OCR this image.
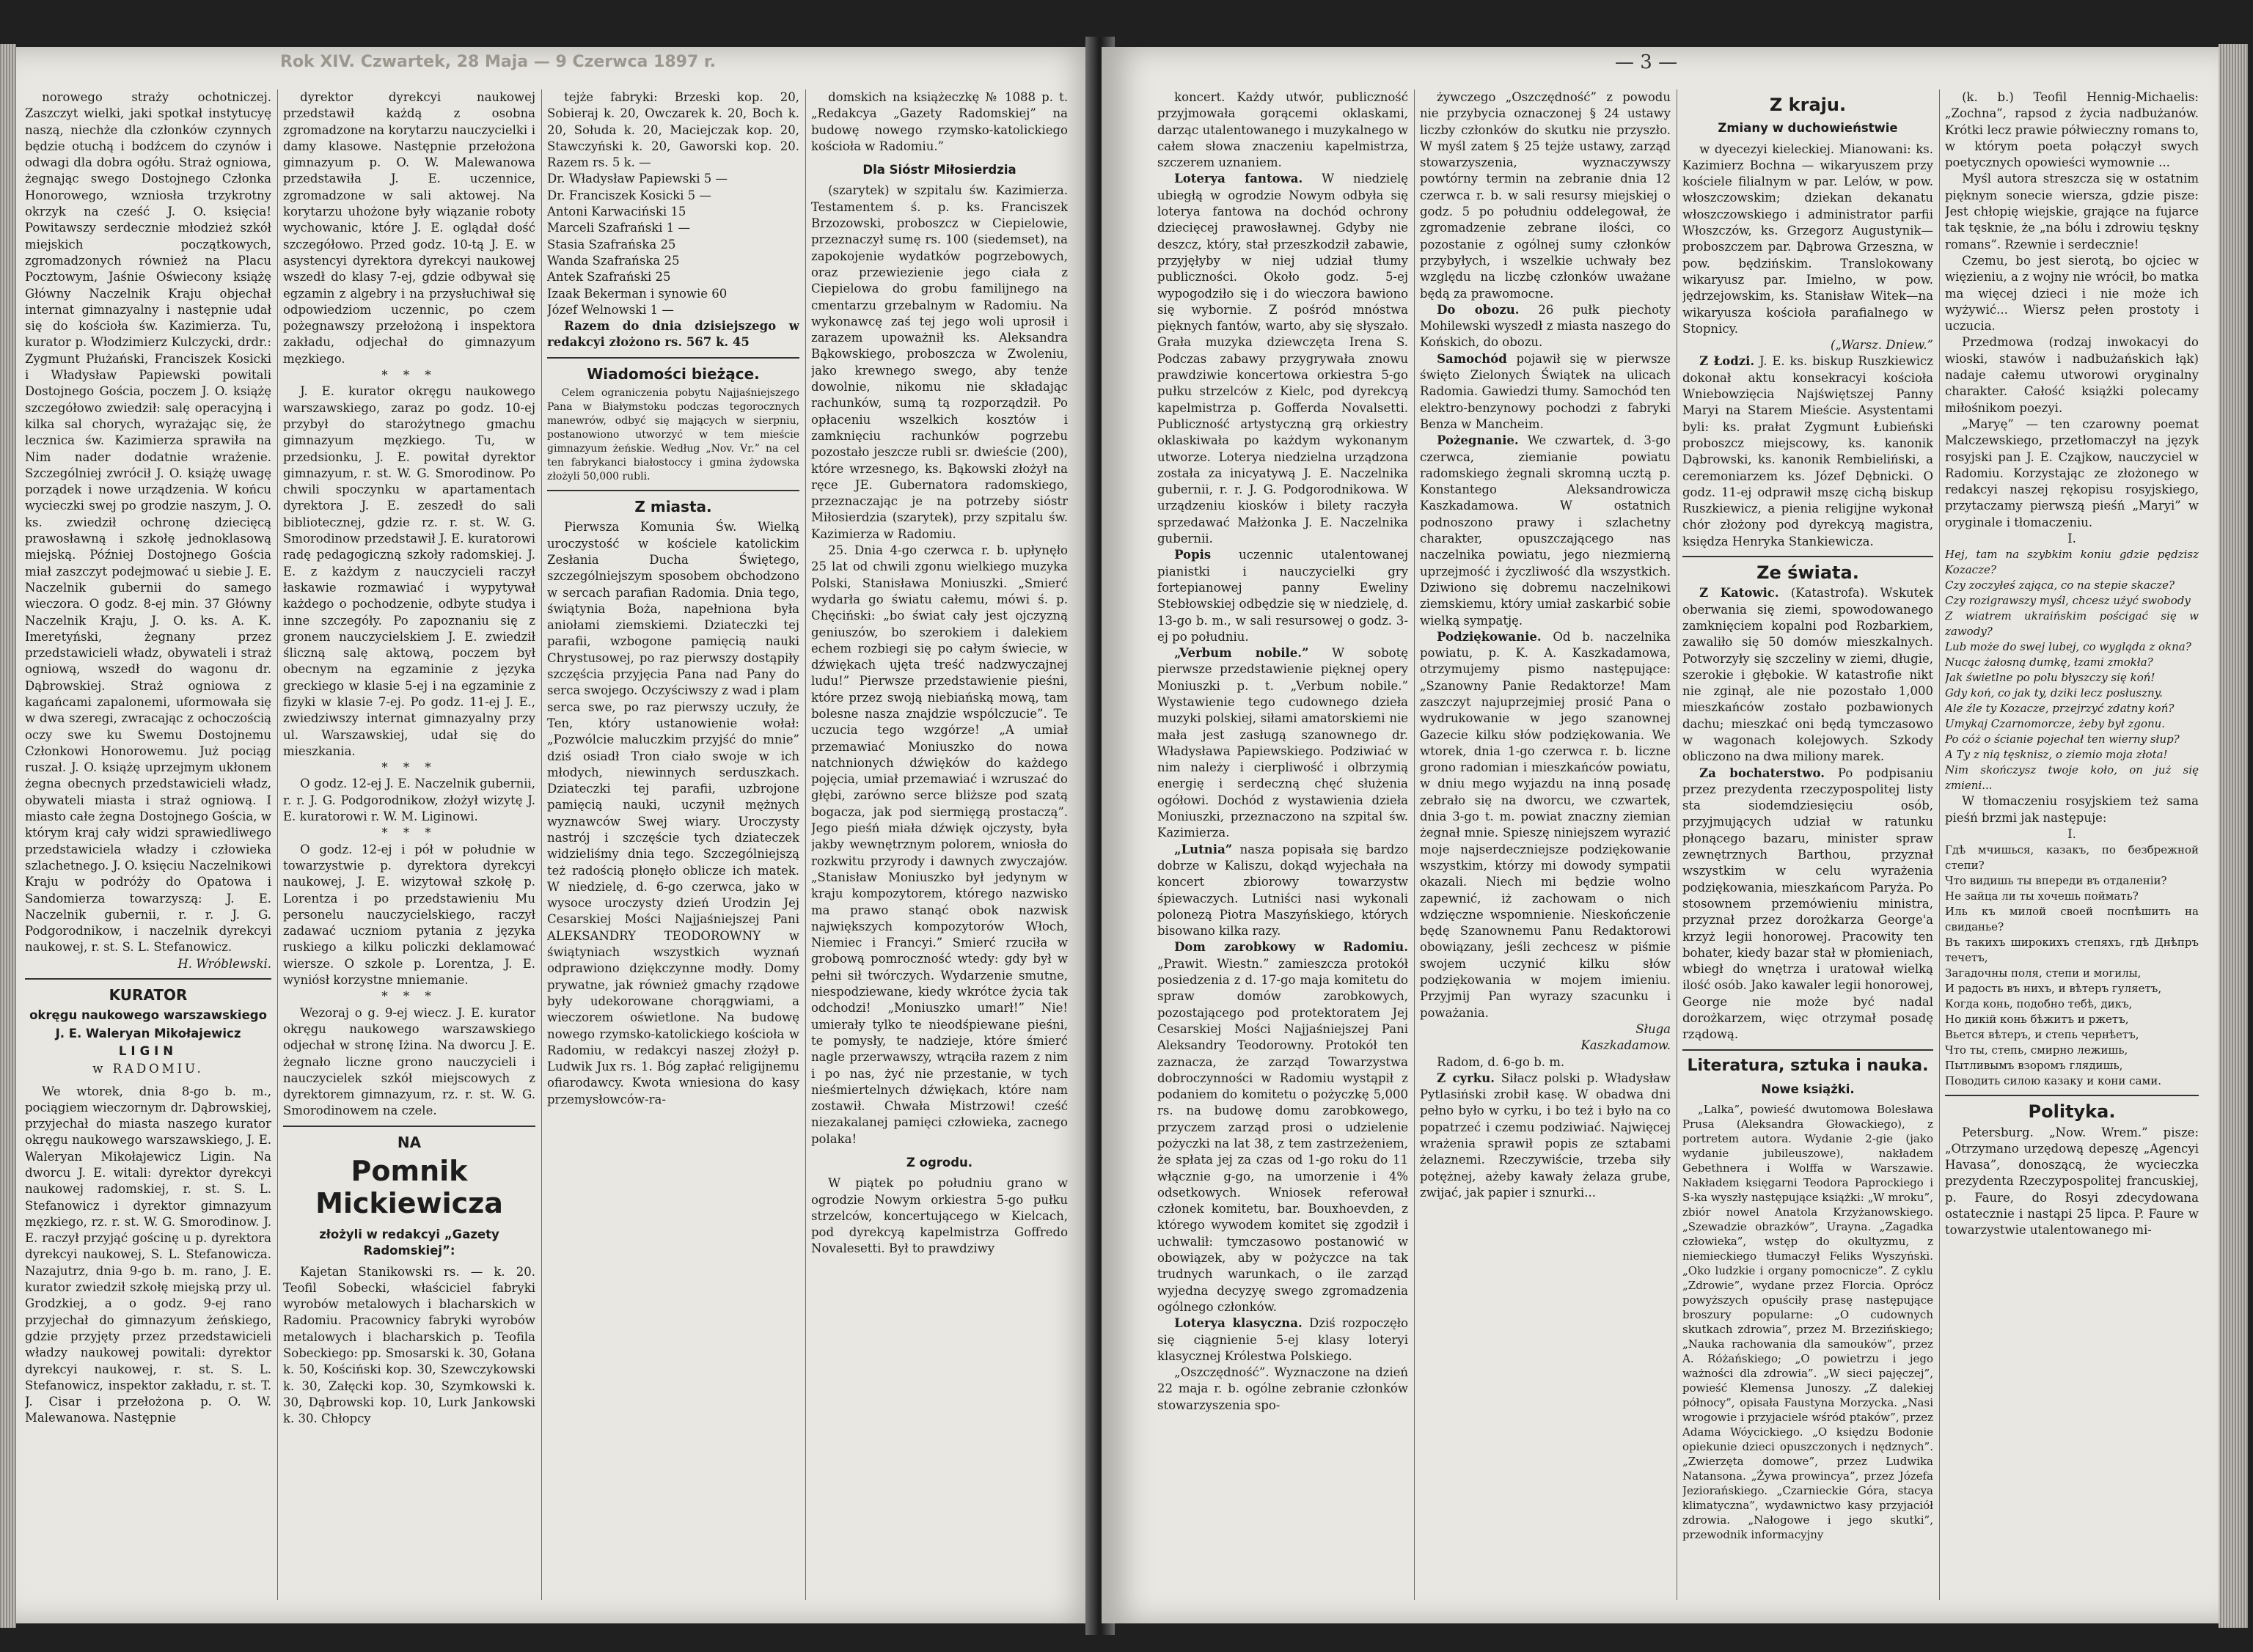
Rok XIV. Czwartek, 28 Maja — 9 Czerwca 1897 r.

norowego straży ochotniczej. Zaszczyt wielki, jaki spotkał instytucyę naszą, niechże dla członków czynnych będzie otuchą i bodźcem do czynów i odwagi dla dobra ogółu. Straż ogniowa, żegnając swego Dostojnego Członka Honorowego, wzniosła trzykrotny okrzyk na cześć J. O. księcia! Powitawszy serdecznie młodzież szkół miejskich początkowych, zgromadzonych również na Placu Pocztowym, Jaśnie Oświecony książę Główny Naczelnik Kraju objechał internat gimnazyalny i następnie udał się do kościoła św. Kazimierza. Tu, kurator p. Włodzimierz Kulczycki, drdr.: Zygmunt Płużański, Franciszek Kosicki i Władysław Papiewski powitali Dostojnego Gościa, poczem J. O. książę szczegółowo zwiedził: salę operacyjną i kilka sal chorych, wyrażając się, że lecznica św. Kazimierza sprawiła na Nim nader dodatnie wrażenie. Szczególniej zwrócił J. O. książę uwagę porządek i nowe urządzenia. W końcu wycieczki swej po grodzie naszym, J. O. ks. zwiedził ochronę dziecięcą prawosławną i szkołę jednoklasową miejską. Później Dostojnego Gościa miał zaszczyt podejmować u siebie J. E. Naczelnik gubernii do samego wieczora. O godz. 8-ej min. 37 Główny Naczelnik Kraju, J. O. ks. A. K. Imeretyński, żegnany przez przedstawicieli władz, obywateli i straż ogniową, wszedł do wagonu dr. Dąbrowskiej. Straż ogniowa z kagańcami zapalonemi, uformowała się w dwa szeregi, zwracając z ochoczością oczy swe ku Swemu Dostojnemu Członkowi Honorowemu. Już pociąg ruszał. J. O. książę uprzejmym ukłonem żegna obecnych przedstawicieli władz, obywateli miasta i straż ogniową. I miasto całe żegna Dostojnego Gościa, w którym kraj cały widzi sprawiedliwego przedstawiciela władzy i człowieka szlachetnego. J. O. księciu Naczelnikowi Kraju w podróży do Opatowa i Sandomierza towarzyszą: J. E. Naczelnik gubernii, r. r. J. G. Podgorodnikow, i naczelnik dyrekcyi naukowej, r. st. S. L. Stefanowicz.

H. Wróblewski.

KURATOR
okręgu naukowego warszawskiego
J. E. Waleryan Mikołajewicz
LIGIN
w RADOMIU.

We wtorek, dnia 8-go b. m., pociągiem wieczornym dr. Dąbrowskiej, przyjechał do miasta naszego kurator okręgu naukowego warszawskiego, J. E. Waleryan Mikołajewicz Ligin. Na dworcu J. E. witali: dyrektor dyrekcyi naukowej radomskiej, r. st. S. L. Stefanowicz i dyrektor gimnazyum męzkiego, rz. r. st. W. G. Smorodinow. J. E. raczył przyjąć gościnę u p. dyrektora dyrekcyi naukowej, S. L. Stefanowicza. Nazajutrz, dnia 9-go b. m. rano, J. E. kurator zwiedził szkołę miejską przy ul. Grodzkiej, a o godz. 9-ej rano przyjechał do gimnazyum żeńskiego, gdzie przyjęty przez przedstawicieli władzy naukowej powitali: dyrektor dyrekcyi naukowej, r. st. S. L. Stefanowicz, inspektor zakładu, r. st. T. J. Cisar i przełożona p. O. W. Malewanowa. Następnie

dyrektor dyrekcyi naukowej przedstawił każdą z osobna zgromadzone na korytarzu nauczycielki i damy klasowe. Następnie przełożona gimnazyum p. O. W. Malewanowa przedstawiła J. E. uczennice, zgromadzone w sali aktowej. Na korytarzu uhożone były wiązanie roboty wychowanic, które J. E. oglądał dość szczegółowo. Przed godz. 10-tą J. E. w asystencyi dyrektora dyrekcyi naukowej wszedł do klasy 7-ej, gdzie odbywał się egzamin z algebry i na przysłuchiwał się odpowiedziom uczennic, po czem pożegnawszy przełożoną i inspektora zakładu, odjechał do gimnazyum męzkiego.

* * *

J. E. kurator okręgu naukowego warszawskiego, zaraz po godz. 10-ej przybył do starożytnego gmachu gimnazyum męzkiego. Tu, w przedsionku, J. E. powitał dyrektor gimnazyum, r. st. W. G. Smorodinow. Po chwili spoczynku w apartamentach dyrektora J. E. zeszedł do sali bibliotecznej, gdzie rz. r. st. W. G. Smorodinow przedstawił J. E. kuratorowi radę pedagogiczną szkoły radomskiej. J. E. z każdym z nauczycieli raczył łaskawie rozmawiać i wypytywał każdego o pochodzenie, odbyte studya i inne szczegóły. Po zapoznaniu się z gronem nauczycielskiem J. E. zwiedził śliczną salę aktową, poczem był obecnym na egzaminie z języka greckiego w klasie 5-ej i na egzaminie z fizyki w klasie 7-ej. Po godz. 11-ej J. E., zwiedziwszy internat gimnazyalny przy ul. Warszawskiej, udał się do mieszkania.

* * *

O godz. 12-ej J. E. Naczelnik gubernii, r. r. J. G. Podgorodnikow, złożył wizytę J. E. kuratorowi r. W. M. Liginowi.

* * *

O godz. 12-ej i pół w południe w towarzystwie p. dyrektora dyrekcyi naukowej, J. E. wizytował szkołę p. Lorentza i po przedstawieniu Mu personelu nauczycielskiego, raczył zadawać uczniom pytania z języka ruskiego a kilku policzki deklamować wiersze. O szkole p. Lorentza, J. E. wyniósł korzystne mniemanie.

* * *

Wezoraj o g. 9-ej wiecz. J. E. kurator okręgu naukowego warszawskiego odjechał w stronę Iżina. Na dworcu J. E. żegnało liczne grono nauczycieli i nauczycielek szkół miejscowych z dyrektorem gimnazyum, rz. r. st. W. G. Smorodinowem na czele.

NA
Pomnik Mickiewicza
złożyli w redakcyi „Gazety Radomskiej”:

Kajetan Stanikowski rs. — k. 20. Teofil Sobecki, właściciel fabryki wyrobów metalowych i blacharskich w Radomiu. Pracownicy fabryki wyrobów metalowych i blacharskich p. Teofila Sobeckiego: pp. Smosarski k. 30, Gołana k. 50, Kościński kop. 30, Szewczykowski k. 30, Załęcki kop. 30, Szymkowski k. 30, Dąbrowski kop. 10, Lurk Jankowski k. 30. Chłopcy

tejże fabryki: Brzeski kop. 20, Sobieraj k. 20, Owczarek k. 20, Boch k. 20, Sołuda k. 20, Maciejczak kop. 20, Stawczyński k. 20, Gaworski kop. 20. Razem rs. 5 k. —

Dr. Władysław Papiewski 5 —
Dr. Franciszek Kosicki 5 —
Antoni Karwaciński 15
Marceli Szafrański 1 —
Stasia Szafrańska 25
Wanda Szafrańska 25
Antek Szafrański 25
Izaak Bekerman i synowie 60
Józef Welnowski 1 —

Razem do dnia dzisiejszego w redakcyi złożono rs. 567 k. 45

Wiadomości bieżące.

Celem ograniczenia pobytu Najjaśniejszego Pana w Białymstoku podczas tegorocznych manewrów, odbyć się mających w sierpniu, postanowiono utworzyć w tem mieście gimnazyum żeńskie. Według „Nov. Vr.” na cel ten fabrykanci białostoccy i gmina żydowska złożyli 50,000 rubli.

Z miasta.

Pierwsza Komunia Św. Wielką uroczystość w kościele katolickim Zesłania Ducha Świętego, szczególniejszym sposobem obchodzono w sercach parafian Radomia. Dnia tego, świątynia Boża, napełniona była aniołami ziemskiemi. Dziateczki tej parafii, wzbogone pamięcią nauki Chrystusowej, po raz pierwszy dostąpiły szczęścia przyjęcia Pana nad Pany do serca swojego. Oczyściwszy z wad i plam serca swe, po raz pierwszy uczuły, że Ten, który ustanowienie wołał: „Pozwólcie maluczkim przyjść do mnie” dziś osiadł Tron ciało swoje w ich młodych, niewinnych serduszkach. Dziateczki tej parafii, uzbrojone pamięcią nauki, uczynił mężnych wyznawców Swej wiary. Uroczysty nastrój i szczęście tych dziateczek widzieliśmy dnia tego. Szczególniejszą też radością płonęło oblicze ich matek. W niedzielę, d. 6-go czerwca, jako w wysoce uroczysty dzień Urodzin Jej Cesarskiej Mości Najjaśniejszej Pani ALEKSANDRY TEODOROWNY w świątyniach wszystkich wyznań odprawiono dziękczynne modły. Domy prywatne, jak również gmachy rządowe były udekorowane chorągwiami, a wieczorem oświetlone. Na budowę nowego rzymsko-katolickiego kościoła w Radomiu, w redakcyi naszej złożył p. Ludwik Jux rs. 1. Bóg zapłać religijnemu ofiarodawcy. Kwota wniesiona do kasy przemysłowców-ra-

domskich na książeczkę № 1088 p. t. „Redakcya „Gazety Radomskiej” na budowę nowego rzymsko-katolickiego kościoła w Radomiu.”

Dla Sióstr Miłosierdzia

(szarytek) w szpitalu św. Kazimierza. Testamentem ś. p. ks. Franciszek Brzozowski, proboszcz w Ciepielowie, przeznaczył sumę rs. 100 (siedemset), na zapokojenie wydatków pogrzebowych, oraz przewiezienie jego ciała z Ciepielowa do grobu familijnego na cmentarzu grzebalnym w Radomiu. Na wykonawcę zaś tej jego woli uprosił i zarazem upoważnił ks. Aleksandra Bąkowskiego, proboszcza w Zwoleniu, jako krewnego swego, aby tenże dowolnie, nikomu nie składając rachunków, sumą tą rozporządził. Po opłaceniu wszelkich kosztów i zamknięciu rachunków pogrzebu pozostało jeszcze rubli sr. dwieście (200), które wrzesnego, ks. Bąkowski złożył na ręce JE. Gubernatora radomskiego, przeznaczając je na potrzeby sióstr Miłosierdzia (szarytek), przy szpitalu św. Kazimierza w Radomiu.

25. Dnia 4-go czerwca r. b. upłynęło 25 lat od chwili zgonu wielkiego muzyka Polski, Stanisława Moniuszki. „Smierć wydarła go światu całemu, mówi ś. p. Chęciński: „bo świat cały jest ojczyzną geniuszów, bo szerokiem i dalekiem echem rozbiegi się po całym świecie, w dźwiękach ujęta treść nadzwyczajnej ludu!” Pierwsze przedstawienie pieśni, które przez swoją niebiańską mową, tam bolesne nasza znajdzie wspólczucie”. Te uczucia tego wzgórze! „A umiał przemawiać Moniuszko do nowa natchnionych dźwięków do każdego pojęcia, umiał przemawiać i wzruszać do głębi, zarówno serce bliższe pod szatą bogacza, jak pod siermięgą prostaczą”. Jego pieśń miała dźwięk ojczysty, była jakby wewnętrznym polorem, wniosła do rozkwitu przyrody i dawnych zwyczajów. „Stanisław Moniuszko był jedynym w kraju kompozytorem, którego nazwisko ma prawo stanąć obok nazwisk największych kompozytorów Włoch, Niemiec i Francyi.” Smierć rzuciła w grobową pomroczność wtedy: gdy był w pełni sił twórczych. Wydarzenie smutne, niespodziewane, kiedy wkrótce życia tak odchodzi! „Moniuszko umarł!” Nie! umierały tylko te nieodśpiewane pieśni, te pomysły, te nadzieje, które śmierć nagle przerwawszy, wtrąciła razem z nim i po nas, żyć nie przestanie, w tych nieśmiertelnych dźwiękach, które nam zostawił. Chwała Mistrzowi! cześć niezakalanej pamięci człowieka, zacnego polaka!

Z ogrodu.

W piątek po południu grano w ogrodzie Nowym orkiestra 5-go pułku strzelców, koncertującego w Kielcach, pod dyrekcyą kapelmistrza Goffredo Novalesetti. Był to prawdziwy

— 3 —

koncert. Każdy utwór, publiczność przyjmowała gorącemi oklaskami, darząc utalentowanego i muzykalnego w całem słowa znaczeniu kapelmistrza, szczerem uznaniem.

Loterya fantowa. W niedzielę ubiegłą w ogrodzie Nowym odbyła się loterya fantowa na dochód ochrony dziecięcej prawosławnej. Gdyby nie deszcz, który, stał przeszkodził zabawie, przyjęłyby w niej udział tłumy publiczności. Około godz. 5-ej wypogodziło się i do wieczora bawiono się wybornie. Z pośród mnóstwa pięknych fantów, warto, aby się słyszało. Grała muzyka dziewczęta Irena S. Podczas zabawy przygrywała znowu prawdziwie koncertowa orkiestra 5-go pułku strzelców z Kielc, pod dyrekcyą kapelmistrza p. Gofferda Novalsetti. Publiczność artystyczną grą orkiestry oklaskiwała po każdym wykonanym utworze. Loterya niedzielna urządzona została za inicyatywą J. E. Naczelnika gubernii, r. r. J. G. Podgorodnikowa. W urządzeniu kiosków i bilety raczyła sprzedawać Małżonka J. E. Naczelnika gubernii.

Popis uczennic utalentowanej pianistki i nauczycielki gry fortepianowej panny Eweliny Stebłowskiej odbędzie się w niedzielę, d. 13-go b. m., w sali resursowej o godz. 3-ej po południu.

„Verbum nobile.” W sobotę pierwsze przedstawienie pięknej opery Moniuszki p. t. „Verbum nobile.” Wystawienie tego cudownego dzieła muzyki polskiej, siłami amatorskiemi nie mała jest zasługą szanownego dr. Władysława Papiewskiego. Podziwiać w nim należy i cierpliwość i olbrzymią energię i serdeczną chęć służenia ogółowi. Dochód z wystawienia dzieła Moniuszki, przeznaczono na szpital św. Kazimierza.

„Lutnia” nasza popisała się bardzo dobrze w Kaliszu, dokąd wyjechała na koncert zbiorowy towarzystw śpiewaczych. Lutniści nasi wykonali polonezą Piotra Maszyńskiego, których bisowano kilka razy.

Dom zarobkowy w Radomiu. „Prawit. Wiestn.” zamieszcza protokół posiedzenia z d. 17-go maja komitetu do spraw domów zarobkowych, pozostającego pod protektoratem Jej Cesarskiej Mości Najjaśniejszej Pani Aleksandry Teodorowny. Protokół ten zaznacza, że zarząd Towarzystwa dobroczynności w Radomiu wystąpił z podaniem do komitetu o pożyczkę 5,000 rs. na budowę domu zarobkowego, przyczem zarząd prosi o udzielenie pożyczki na lat 38, z tem zastrzeżeniem, że spłata jej za czas od 1-go roku do 11 włącznie g-go, na umorzenie i 4% odsetkowych. Wniosek referował członek komitetu, bar. Bouxhoevden, z którego wywodem komitet się zgodził i uchwalił: tymczasowo postanowić w obowiązek, aby w pożyczce na tak trudnych warunkach, o ile zarząd wyjedna decyzyę swego zgromadzenia ogólnego członków.

Loterya klasyczna. Dziś rozpoczęło się ciągnienie 5-ej klasy loteryi klasycznej Królestwa Polskiego.

„Oszczędność”. Wyznaczone na dzień 22 maja r. b. ogólne zebranie członków stowarzyszenia spo-

żywczego „Oszczędność” z powodu nie przybycia oznaczonej § 24 ustawy liczby członków do skutku nie przyszło. W myśl zatem § 25 tejże ustawy, zarząd stowarzyszenia, wyznaczywszy powtórny termin na zebranie dnia 12 czerwca r. b. w sali resursy miejskiej o godz. 5 po południu oddelegował, że zgromadzenie zebrane ilości, co pozostanie z ogólnej sumy członków przybyłych, i wszelkie uchwały bez względu na liczbę członków uważane będą za prawomocne.

Do obozu. 26 pułk piechoty Mohilewski wyszedł z miasta naszego do Końskich, do obozu.

Samochód pojawił się w pierwsze święto Zielonych Świątek na ulicach Radomia. Gawiedzi tłumy. Samochód ten elektro-benzynowy pochodzi z fabryki Benza w Mancheim.

Pożegnanie. We czwartek, d. 3-go czerwca, ziemianie powiatu radomskiego żegnali skromną ucztą p. Konstantego Aleksandrowicza Kaszkadamowa. W ostatnich podnoszono prawy i szlachetny charakter, opuszczającego nas naczelnika powiatu, jego niezmierną uprzejmość i życzliwość dla wszystkich. Dziwiono się dobremu naczelnikowi ziemskiemu, który umiał zaskarbić sobie wielką sympatję.

Podziękowanie. Od b. naczelnika powiatu, p. K. A. Kaszkadamowa, otrzymujemy pismo następujące: „Szanowny Panie Redaktorze! Mam zaszczyt najuprzejmiej prosić Pana o wydrukowanie w jego szanownej Gazecie kilku słów podziękowania. We wtorek, dnia 1-go czerwca r. b. liczne grono radomian i mieszkańców powiatu, w dniu mego wyjazdu na inną posadę zebrało się na dworcu, we czwartek, dnia 3-go t. m. powiat znaczny ziemian żegnał mnie. Spieszę niniejszem wyrazić moje najserdeczniejsze podziękowanie wszystkim, którzy mi dowody sympatii okazali. Niech mi będzie wolno zapewnić, iż zachowam o nich wdzięczne wspomnienie. Nieskończenie będę Szanownemu Panu Redaktorowi obowiązany, jeśli zechcesz w piśmie swojem uczynić kilku słów podziękowania w mojem imieniu. Przyjmij Pan wyrazy szacunku i poważania.

Sługa

Kaszkadamow.

Radom, d. 6-go b. m.

Z cyrku. Siłacz polski p. Władysław Pytlasiński zrobił kasę. W obadwa dni pełno było w cyrku, i bo też i było na co popatrzeć i czemu podziwiać. Najwięcej wrażenia sprawił popis ze sztabami żelaznemi. Rzeczywiście, trzeba siły potężnej, ażeby kawały żelaza grube, zwijać, jak papier i sznurki...

Z kraju.
Zmiany w duchowieństwie

w dyecezyi kieleckiej. Mianowani: ks. Kazimierz Bochna — wikaryuszem przy kościele filialnym w par. Lelów, w pow. włoszczowskim; dziekan dekanatu włoszczowskiego i administrator parfii Włoszczów, ks. Grzegorz Augustynik—proboszczem par. Dąbrowa Grzeszna, w pow. będzińskim. Translokowany wikaryusz par. Imielno, w pow. jędrzejowskim, ks. Stanisław Witek—na wikaryusza kościoła parafialnego w Stopnicy.

(„Warsz. Dniew.”

Z Łodzi. J. E. ks. biskup Ruszkiewicz dokonał aktu konsekracyi kościoła Wniebowzięcia Najświętszej Panny Maryi na Starem Mieście. Asystentami byli: ks. prałat Zygmunt Łubieński proboszcz miejscowy, ks. kanonik Dąbrowski, ks. kanonik Rembieliński, a ceremoniarzem ks. Józef Dębnicki. O godz. 11-ej odprawił mszę cichą biskup Ruszkiewicz, a pienia religijne wykonał chór złożony pod dyrekcyą magistra, księdza Henryka Stankiewicza.

Ze świata.

Z Katowic. (Katastrofa). Wskutek oberwania się ziemi, spowodowanego zamknięciem kopalni pod Rozbarkiem, zawaliło się 50 domów mieszkalnych. Potworzyły się szczeliny w ziemi, długie, szerokie i głębokie. W katastrofie nikt nie zginął, ale nie pozostało 1,000 mieszkańców zostało pozbawionych dachu; mieszkać oni będą tymczasowo w wagonach kolejowych. Szkody obliczono na dwa miliony marek.

Za bochaterstwo. Po podpisaniu przez prezydenta rzeczypospolitej listy sta siodemdziesięciu osób, przyjmujących udział w ratunku płonącego bazaru, minister spraw zewnętrznych Barthou, przyznał wszystkim w celu wyrażenia podziękowania, mieszkańcom Paryża. Po stosownem przemówieniu ministra, przyznał przez dorożkarza George'a krzyż legii honorowej. Pracowity ten bohater, kiedy bazar stał w płomieniach, wbiegł do wnętrza i uratował wielką ilość osób. Jako kawaler legii honorowej, George nie może być nadal dorożkarzem, więc otrzymał posadę rządową.

Literatura, sztuka i nauka.
Nowe książki.

„Lalka”, powieść dwutomowa Bolesława Prusa (Aleksandra Głowackiego), z portretem autora. Wydanie 2-gie (jako wydanie jubileuszowe), nakładem Gebethnera i Wolffa w Warszawie. Nakładem księgarni Teodora Paprockiego i S-ka wyszły następujące książki: „W mroku”, zbiór nowel Anatola Krzyżanowskiego. „Szewadzie obrazków”, Urayna. „Zagadka człowieka”, wstęp do okultyzmu, z niemieckiego tłumaczył Feliks Wyszyński. „Oko ludzkie i organy pomocnicze”. Z cyklu „Zdrowie”, wydane przez Florcia. Oprócz powyższych opuściły prasę następujące broszury popularne: „O cudownych skutkach zdrowia”, przez M. Brzezińskiego; „Nauka rachowania dla samouków”, przez A. Różańskiego; „O powietrzu i jego ważności dla zdrowia”. „W sieci pajęczej”, powieść Klemensa Junoszy. „Z dalekiej północy”, opisała Faustyna Morzycka. „Nasi wrogowie i przyjaciele wśród ptaków”, przez Adama Wóycickiego. „O księdzu Bodonie opiekunie dzieci opuszczonych i nędznych”. „Zwierzęta domowe”, przez Ludwika Natansona. „Żywa prowincya”, przez Józefa Jeziorańskiego. „Czarnieckie Góra, stacya klimatyczna”, wydawnictwo kasy przyjaciół zdrowia. „Nałogowe i jego skutki”, przewodnik informacyjny

(k. b.) Teofil Hennig-Michaelis: „Zochna”, rapsod z życia nadbużanów. Krótki lecz prawie półwieczny romans to, w którym poeta połączył swych poetycznych opowieści wymownie ...

Myśl autora streszcza się w ostatnim pięknym sonecie wiersza, gdzie pisze: Jest chłopię wiejskie, grające na fujarce tak tęsknie, że „na bólu i zdrowiu tęskny romans”. Rzewnie i serdecznie!

Czemu, bo jest sierotą, bo ojciec w więzieniu, a z wojny nie wrócił, bo matka ma więcej dzieci i nie może ich wyżywić... Wiersz pełen prostoty i uczucia.

Przedmowa (rodzaj inwokacyi do wioski, stawów i nadbużańskich łąk) nadaje całemu utworowi oryginalny charakter. Całość książki polecamy miłośnikom poezyi.

„Maryę” — ten czarowny poemat Malczewskiego, przetłomaczył na język rosyjski pan J. E. Cząjkow, nauczyciel w Radomiu. Korzystając ze złożonego w redakcyi naszej rękopisu rosyjskiego, przytaczamy pierwszą pieśń „Maryi” w oryginale i tłomaczeniu.

I.
Hej, tam na szybkim koniu gdzie pędzisz Kozacze?
Czy zoczyłeś zająca, co na stepie skacze?
Czy rozigrawszy myśl, chcesz użyć swobody
Z wiatrem ukraińskim pościgać się w zawody?
Lub może do swej lubej, co wygląda z okna?
Nucąc żałosną dumkę, łzami zmokła?
Jak świetlne po polu błyszczy się koń!
Gdy koń, co jak ty, dziki lecz posłuszny.
Ale źle ty Kozacze, przejrzyć zdatny koń?
Umykaj Czarnomorcze, żeby był zgonu.
Po cóż o ścianie pojechał ten wierny słup?
A Ty z nią tęsknisz, o ziemio moja złota!
Nim skończysz twoje koło, on już się zmieni...

W tłomaczeniu rosyjskiem też sama pieśń brzmi jak następuje:

I.
Гдѣ мчишься, казакъ, по безбрежной степи?
Что видишь ты впереди въ отдаленіи?
Не зайца ли ты хочешь поймать?
Иль къ милой своей поспѣшить на свиданье?
Въ такихъ широкихъ степяхъ, гдѣ Днѣпръ течетъ,
Загадочны поля, степи и могилы,
И радость въ нихъ, и вѣтеръ гуляетъ,
Когда конь, подобно тебѣ, дикъ,
Но дикій конь бѣжитъ и ржетъ,
Вьется вѣтеръ, и степь чернѣетъ,
Что ты, степь, смирно лежишь,
Пытливымъ взоромъ глядишь,
Поводить силою казаку и кони сами.
Polityka.

Petersburg. „Now. Wrem.” pisze: „Otrzymano urzędową depeszę „Agencyi Havasa”, donoszącą, że wycieczka prezydenta Rzeczypospolitej francuskiej, p. Faure, do Rosyi zdecydowana ostatecznie i nastąpi 25 lipca. P. Faure w towarzystwie utalentowanego mi-
